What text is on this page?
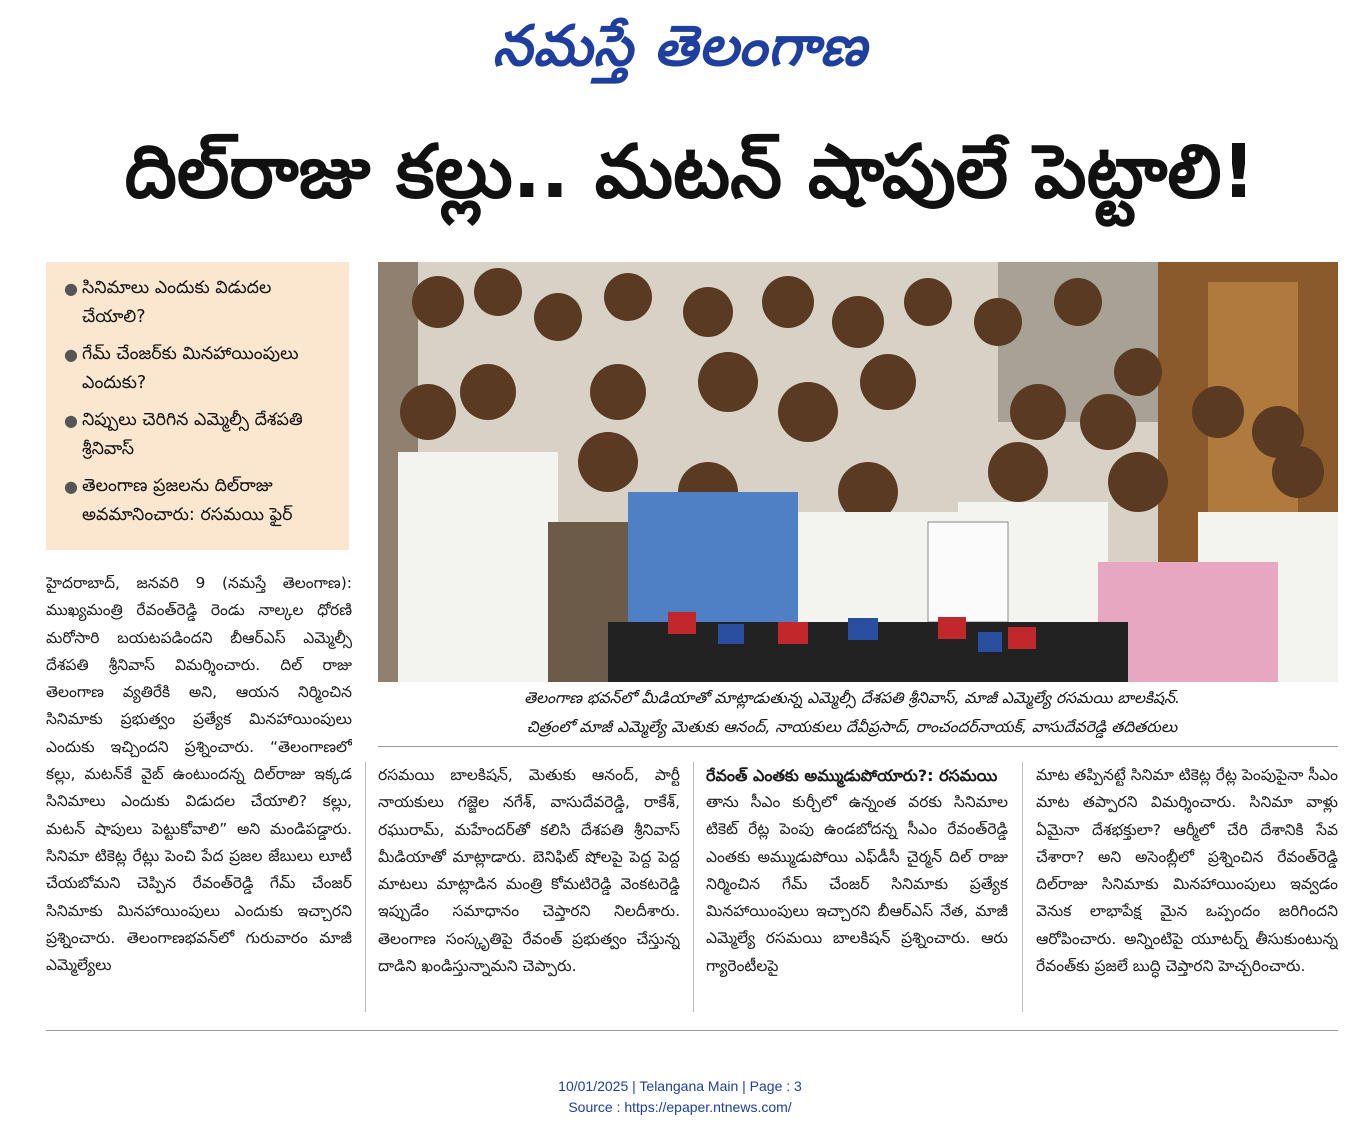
నమస్తే తెలంగాణ
దిల్‌రాజు కల్లు.. మటన్ షాపులే పెట్టాలి!
● సినిమాలు ఎందుకు విడుదల చేయాలి?
● గేమ్ చేంజర్‌కు మినహాయింపులు ఎందుకు?
● నిప్పులు చెరిగిన ఎమ్మెల్సీ దేశపతి శ్రీనివాస్
● తెలంగాణ ప్రజలను దిల్‌రాజు అవమానించారు: రసమయి ఫైర్
తెలంగాణ భవన్‌లో మీడియాతో మాట్లాడుతున్న ఎమ్మెల్సీ దేశపతి శ్రీనివాస్, మాజీ ఎమ్మెల్యే రసమయి బాలకిషన్.
చిత్రంలో మాజీ ఎమ్మెల్యే మెతుకు ఆనంద్, నాయకులు దేవీప్రసాద్, రాంచందర్‌నాయక్, వాసుదేవరెడ్డి తదితరులు

హైదరాబాద్, జనవరి 9 (నమస్తే తెలంగాణ): ముఖ్యమంత్రి రేవంత్‌రెడ్డి రెండు నాల్కల ధోరణి మరోసారి బయటపడిందని బీఆర్‌ఎస్ ఎమ్మెల్సీ దేశపతి శ్రీనివాస్ విమర్శించారు. దిల్ రాజు తెలంగాణ వ్యతిరేకి అని, ఆయన నిర్మించిన సినిమాకు ప్రభుత్వం ప్రత్యేక మినహాయింపులు ఎందుకు ఇచ్చిందని ప్రశ్నించారు. “తెలంగాణలో కల్లు, మటన్‌కే వైబ్ ఉంటుందన్న దిల్‌రాజు ఇక్కడ సినిమాలు ఎందుకు విడుదల చేయాలి? కల్లు, మటన్ షాపులు పెట్టుకోవాలి” అని మండిపడ్డారు. సినిమా టికెట్ల రేట్లు పెంచి పేద ప్రజల జేబులు లూటీ చేయబోమని చెప్పిన రేవంత్‌రెడ్డి గేమ్ చేంజర్ సినిమాకు మినహాయింపులు ఎందుకు ఇచ్చారని ప్రశ్నించారు. తెలంగాణభవన్‌లో గురువారం మాజీ ఎమ్మెల్యేలు

రసమయి బాలకిషన్, మెతుకు ఆనంద్, పార్టీ నాయకులు గజ్జెల నగేశ్, వాసుదేవరెడ్డి, రాకేశ్, రఘురామ్, మహేందర్‌తో కలిసి దేశపతి శ్రీనివాస్ మీడియాతో మాట్లాడారు. బెనిఫిట్ షోలపై పెద్ద పెద్ద మాటలు మాట్లాడిన మంత్రి కోమటిరెడ్డి వెంకటరెడ్డి ఇప్పుడేం సమాధానం చెప్తారని నిలదీశారు. తెలంగాణ సంస్కృతిపై రేవంత్ ప్రభుత్వం చేస్తున్న దాడిని ఖండిస్తున్నామని చెప్పారు.

రేవంత్ ఎంతకు అమ్ముడుపోయారు?: రసమయి

తాను సీఎం కుర్చీలో ఉన్నంత వరకు సినిమాల టికెట్ రేట్ల పెంపు ఉండబోదన్న సీఎం రేవంత్‌రెడ్డి ఎంతకు అమ్ముడుపోయి ఎఫ్‌డీసీ చైర్మన్ దిల్ రాజు నిర్మించిన గేమ్ చేంజర్ సినిమాకు ప్రత్యేక మినహాయింపులు ఇచ్చారని బీఆర్‌ఎస్ నేత, మాజీ ఎమ్మెల్యే రసమయి బాలకిషన్ ప్రశ్నించారు. ఆరు గ్యారెంటీలపై

మాట తప్పినట్టే సినిమా టికెట్ల రేట్ల పెంపుపైనా సీఎం మాట తప్పారని విమర్శించారు. సినిమా వాళ్లు ఏమైనా దేశభక్తులా? ఆర్మీలో చేరి దేశానికి సేవ చేశారా? అని అసెంబ్లీలో ప్రశ్నించిన రేవంత్‌రెడ్డి దిల్‌రాజు సినిమాకు మినహాయింపులు ఇవ్వడం వెనుక లాభాపేక్ష మైన ఒప్పందం జరిగిందని ఆరోపించారు. అన్నింటిపై యూటర్న్ తీసుకుంటున్న రేవంత్‌కు ప్రజలే బుద్ధి చెప్తారని హెచ్చరించారు.

10/01/2025 | Telangana Main | Page : 3
Source : https://epaper.ntnews.com/
